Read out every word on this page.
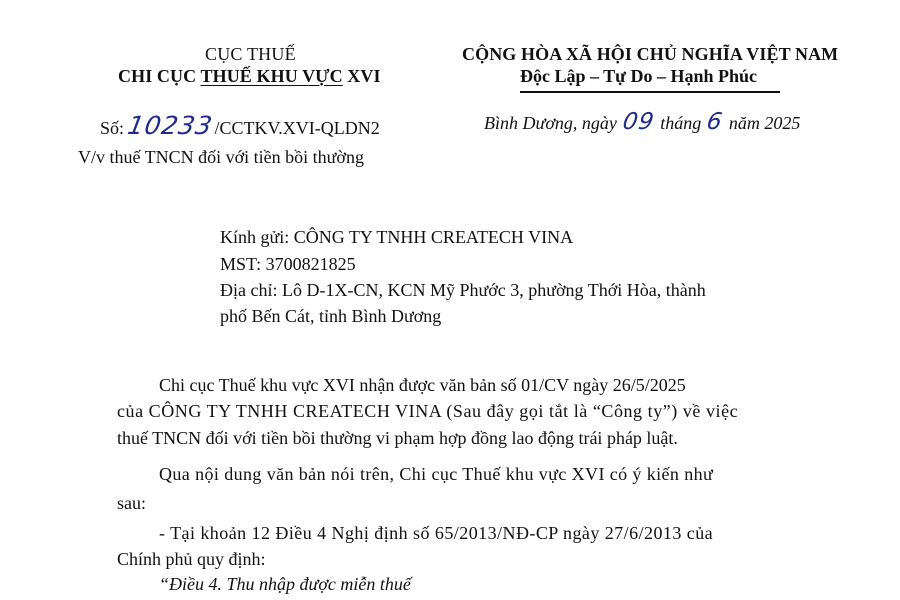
CỤC THUẾ
CHI CỤC THUẾ KHU VỰC XVI
CỘNG HÒA XÃ HỘI CHỦ NGHĨA VIỆT NAM
Độc Lập – Tự Do – Hạnh Phúc
Số: 10233 /CCTKV.XVI-QLDN2
V/v thuế TNCN đối với tiền bồi thường
Bình Dương, ngày 09 tháng 6 năm 2025
Kính gửi: CÔNG TY TNHH CREATECH VINA
MST: 3700821825
Địa chỉ: Lô D-1X-CN, KCN Mỹ Phước 3, phường Thới Hòa, thành
phố Bến Cát, tỉnh Bình Dương
Chi cục Thuế khu vực XVI nhận được văn bản số 01/CV ngày 26/5/2025
của CÔNG TY TNHH CREATECH VINA (Sau đây gọi tắt là “Công ty”) về việc
thuế TNCN đối với tiền bồi thường vi phạm hợp đồng lao động trái pháp luật.
Qua nội dung văn bản nói trên, Chi cục Thuế khu vực XVI có ý kiến như
sau:
- Tại khoản 12 Điều 4 Nghị định số 65/2013/NĐ-CP ngày 27/6/2013 của
Chính phủ quy định:
“Điều 4. Thu nhập được miễn thuế
